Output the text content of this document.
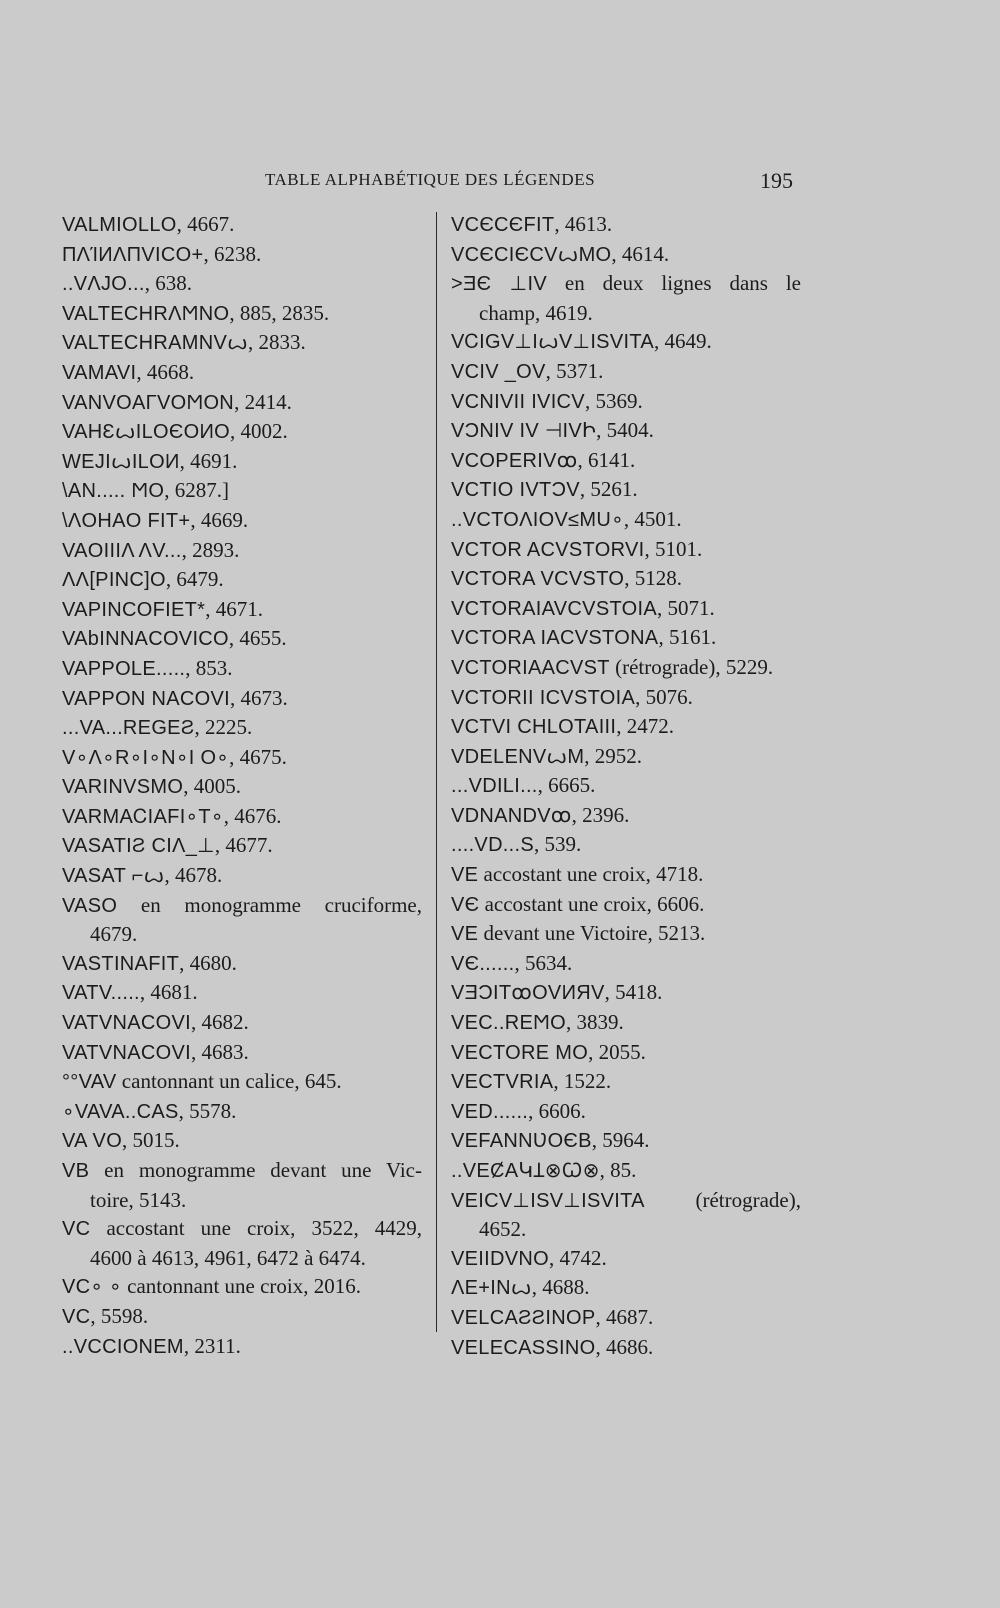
TABLE ALPHABÉTIQUE DES LÉGENDES	195
VALMIOLLO, 4667.
ПΛΊИΛΠVICO+, 6238.
..VΛJO..., 638.
VALTECHRΛϺNO, 885, 2835.
VALTECHRAMNVꙍ, 2833.
VAMAVI, 4668.
VANVOAΓVOϺON, 2414.
VAHƐꙍILOЄOИO, 4002.
WEJIꙍILOИ, 4691.
\AN..... ϺO, 6287.]
\ΛOHAO FIT+, 4669.
VAOIIIΛ ΛV..., 2893.
ΛΛ[PINC]O, 6479.
VAPINCOFIET*, 4671.
VAbINNACOVICO, 4655.
VAPPOLE....., 853.
VAPPON NACOVI, 4673.
...VA...REGEƧ, 2225.
V∘Λ∘R∘I∘N∘I O∘, 4675.
VARINVSMO, 4005.
VARMAᏟIAFI∘T∘, 4676.
VASATIƧ CIΛ_⊥, 4677.
VASAT ⌐ꙍ, 4678.
VASO en monogramme cruciforme,
4679.
VASTINAFIT, 4680.
VATV....., 4681.
VATVNACOVI, 4682.
VATVNACOVI, 4683.
°°VAV cantonnant un calice, 645.
∘VAVA..CAS, 5578.
VA VO, 5015.
VB en monogramme devant une Vic-
toire, 5143.
VC accostant une croix, 3522, 4429,
4600 à 4613, 4961, 6472 à 6474.
VC∘ ∘ cantonnant une croix, 2016.
VC, 5598.
..VCCIONEM, 2311.
VCЄCЄFIT, 4613.
VCЄCIЄCVꙍMO, 4614.
>ƎЄ ⊥IV en deux lignes dans le
champ, 4619.
VᏟIGV⊥IꙍV⊥ISVITA, 4649.
VCIV _OV, 5371.
VCNIVII IVICV, 5369.
VƆNIV IV ⊣IVԻ, 5404.
VCOPERIVꝏ, 6141.
VCTIO IVTƆV, 5261.
..VCTOΛIOV≤MU∘, 4501.
VCTOR ACVSTORVI, 5101.
VCTORA VCVSTO, 5128.
VCTORAIAVCVSTOIA, 5071.
VCTORA IACVSTONA, 5161.
VCTORIAACVST (rétrograde), 5229.
VCTORII ICVSTOIA, 5076.
VCTVI CHLOTAIII, 2472.
VDELENVꙍM, 2952.
...VDILI..., 6665.
VDNANDVꝏ, 2396.
....VD...S, 539.
VE accostant une croix, 4718.
VЄ accostant une croix, 6606.
VE devant une Victoire, 5213.
VЄ......, 5634.
VƎƆITꝏOVИЯV, 5418.
VEC..REϺO, 3839.
VECTORE MO, 2055.
VECTVRIA, 1522.
VED......, 6606.
VEFANNƲOЄB, 5964.
..VEȻAԿꞱ⊗Ꞷ⊗, 85.
VEICV⊥ISV⊥ISVITA (rétrograde),
4652.
VEIIDVNO, 4742.
ΛE+INꙍ, 4688.
VELCAƧƧINOP, 4687.
VELECASSINO, 4686.
